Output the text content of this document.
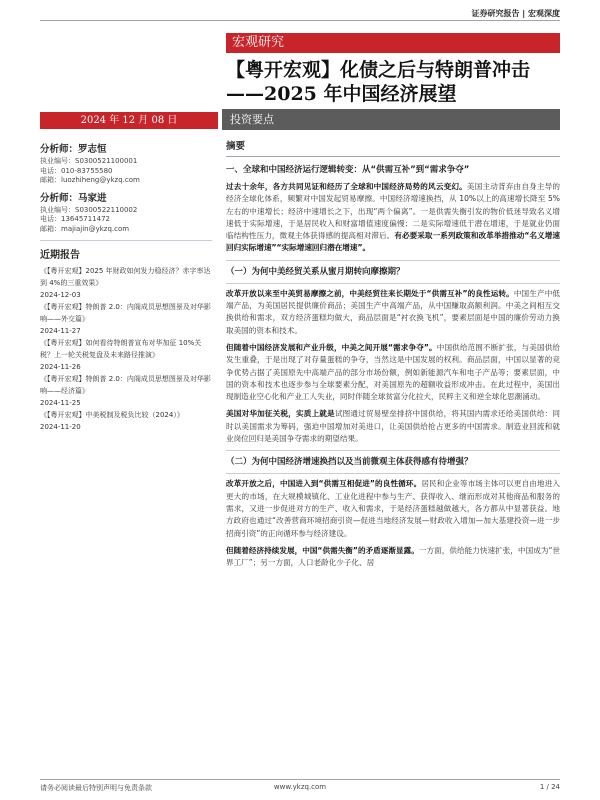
证券研究报告 | 宏观深度
宏观研究
【粤开宏观】化债之后与特朗普冲击
——2025 年中国经济展望
2024 年 12 月 08 日	投资要点
分析师：罗志恒
执业编号：S0300521100001
电话：010-83755580
邮箱：luozhiheng@ykzq.com
分析师：马家进
执业编号：S0300522110002
电话：13645711472
邮箱：majiajin@ykzq.com
近期报告
《【粤开宏观】2025 年财政如何发力稳经济？赤字率达到 4%的三重效果》
2024-12-03
《【粤开宏观】特朗普 2.0：内阁成员思想图景及对华影响——外交篇》
2024-11-27
《【粤开宏观】如何看待特朗普宣布对华加征 10%关税？上一轮关税复盘及未来路径推演》
2024-11-26
《【粤开宏观】特朗普 2.0：内阁成员思想图景及对华影响——经济篇》
2024-11-25
《【粤开宏观】中美税制及税负比较（2024）》
2024-11-20
摘要
一、全球和中国经济运行逻辑转变：从“供需互补”到“需求争夺”
过去十余年，各方共同见证和经历了全球和中国经济局势的风云变幻。美国主动背弃由自身主导的经济全球化体系，频繁对中国发起贸易摩擦。中国经济增速换挡，从 10%以上的高速增长降至 5%左右的中速增长；经济中速增长之下，出现“两个偏离”。一是供需失衡引发的物价低迷导致名义增速低于实际增速，于是居民收入和财富增值速度偏慢；二是实际增速低于潜在增速，于是就业仍面临结构性压力，微观主体获得感的提高相对滞后。有必要采取一系列政策和改革举措推动“名义增速回归实际增速”“实际增速回归潜在增速”。
（一）为何中美经贸关系从蜜月期转向摩擦期？
改革开放以来至中美贸易摩擦之前，中美经贸往来长期处于“供需互补”的良性运转。中国生产中低端产品，为美国居民提供廉价商品；美国生产中高端产品，从中国赚取高额利润。中美之间相互交换供给和需求，双方经济蛋糕均做大，商品层面是“衬衣换飞机”，要素层面是中国的廉价劳动力换取美国的资本和技术。
但随着中国经济发展和产业升级，中美之间开展“需求争夺”。中国供给范围不断扩张，与美国供给发生重叠，于是出现了对存量蛋糕的争夺，当然这是中国发展的权利。商品层面，中国以显著的竞争优势占据了美国原先中高端产品的部分市场份额，例如新能源汽车和电子产品等；要素层面，中国的资本和技术也逐步参与全球要素分配，对美国原先的超额收益形成冲击。在此过程中，美国出现制造业空心化和产业工人失业，同时伴随全球贫富分化拉大，民粹主义和逆全球化思潮涌动。
美国对华加征关税，实质上就是试图通过贸易壁垒排挤中国供给，将其国内需求还给美国供给：同时以美国需求为筹码，强迫中国增加对美进口，让美国供给抢占更多的中国需求。制造业回流和就业岗位回归是美国争夺需求的期望结果。
（二）为何中国经济增速换挡以及当前微观主体获得感有待增强？
改革开放之后，中国进入到“供需互相促进”的良性循环。居民和企业等市场主体可以更自由地进入更大的市场，在大规模城镇化、工业化进程中参与生产、获得收入、继而形成对其他商品和服务的需求，又进一步促进对方的生产、收入和需求，于是经济蛋糕越做越大，各方都从中显著获益。地方政府也通过“改善营商环境招商引资—促进当地经济发展—财政收入增加—加大基建投资—进一步招商引资”的正向循环参与经济建设。
但随着经济持续发展，中国“供需失衡”的矛盾逐渐显露。一方面，供给能力快速扩张，中国成为“世界工厂”；另一方面，人口老龄化少子化、居
请务必阅读最后特别声明与免责条款	www.ykzq.com	1 / 24
